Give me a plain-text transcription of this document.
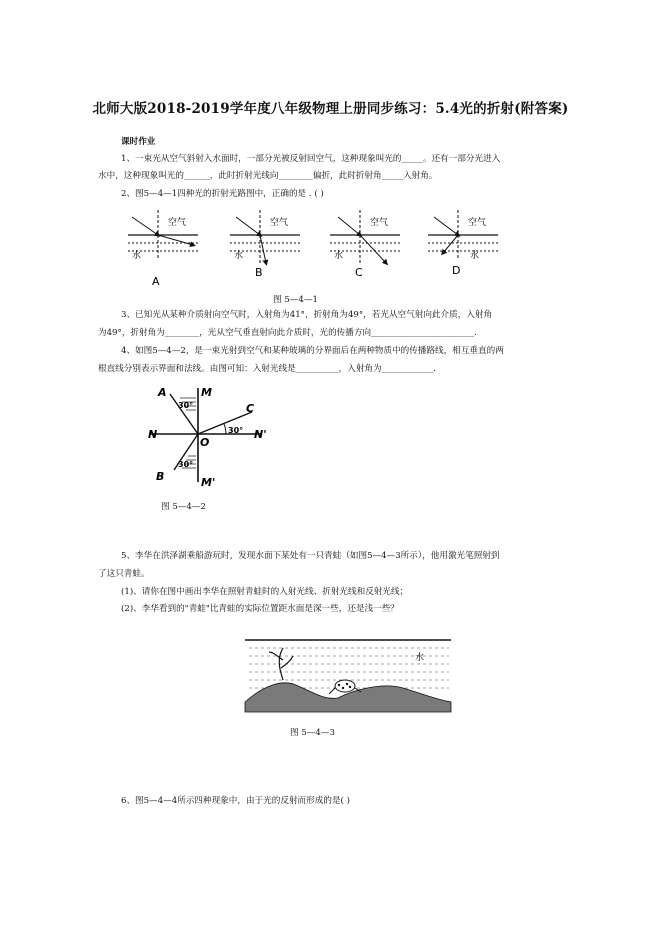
北师大版2018-2019学年度八年级物理上册同步练习：5.4光的折射(附答案)
课时作业
1、一束光从空气斜射入水面时，一部分光被反射回空气，这种现象叫光的_____。还有一部分光进入
水中，这种现象叫光的______，此时折射光线向________偏折，此时折射角_____入射角。
2、图5—4—1四种光的折射光路图中，正确的是 . ( )
空气
水
A
空气
水
B
空气
水
C
空气
水
D
图 5—4—1
3、已知光从某种介质射向空气时，入射角为41°，折射角为49°，若光从空气射向此介质，入射角
为49°，折射角为________，光从空气垂直射向此介质时，光的传播方向________________________.
4、如图5—4—2，是一束光射到空气和某种玻璃的分界面后在两种物质中的传播路线，相互垂直的两
根直线分别表示界面和法线。由图可知：入射光线是__________，入射角为____________.
A	M
C
N	N'
O
B	M'
30°
30°
30°
图 5—4—2
5、李华在洪泽湖乘船游玩时，发现水面下某处有一只青蛙（如图5—4—3所示），他用激光笔照射到
了这只青蛙。
(1)、请你在图中画出李华在照射青蛙时的入射光线、折射光线和反射光线；
(2)、李华看到的"青蛙"比青蛙的实际位置距水面是深一些，还是浅一些？
水
图 5—4—3
6、图5—4—4所示四种现象中，由于光的反射而形成的是( )
